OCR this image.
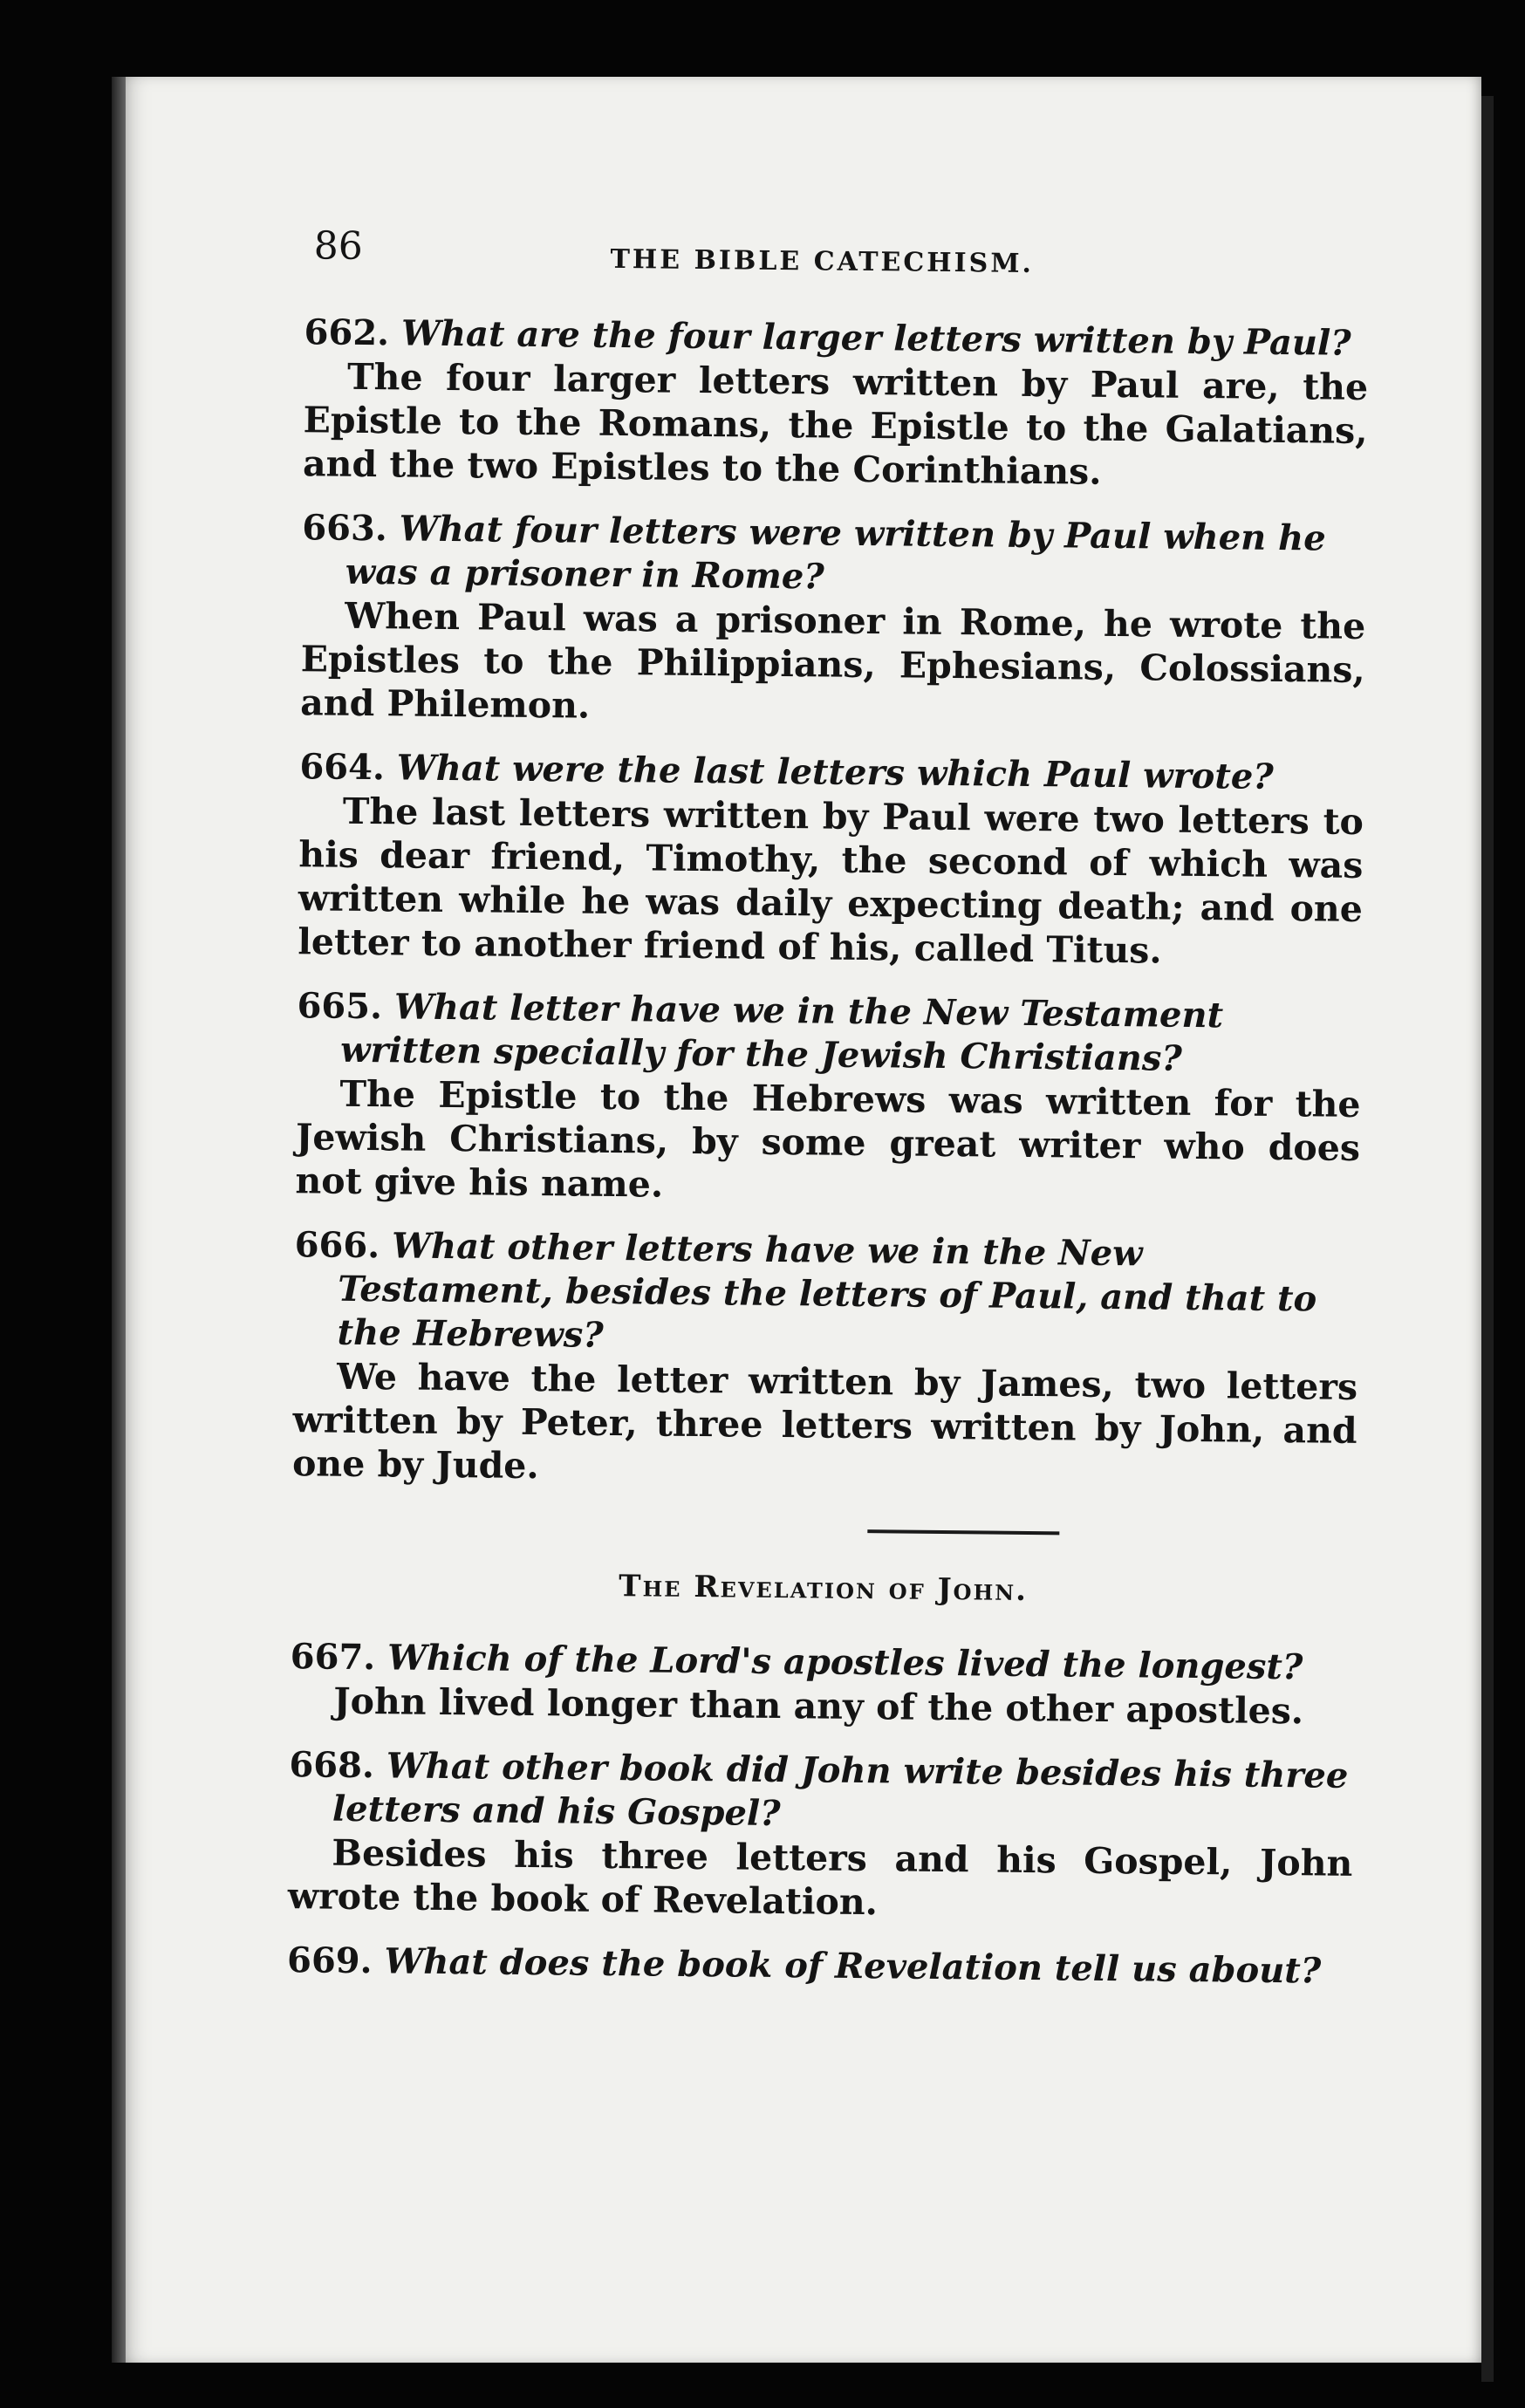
86	THE BIBLE CATECHISM.
662. What are the four larger letters written by Paul?
The four larger letters written by Paul are, the Epistle to the Romans, the Epistle to the Galatians, and the two Epistles to the Corinthians.
663. What four letters were written by Paul when he was a prisoner in Rome?
When Paul was a prisoner in Rome, he wrote the Epistles to the Philippians, Ephesians, Colossians, and Philemon.
664. What were the last letters which Paul wrote?
The last letters written by Paul were two letters to his dear friend, Timothy, the second of which was written while he was daily expecting death; and one letter to another friend of his, called Titus.
665. What letter have we in the New Testament written specially for the Jewish Christians?
The Epistle to the Hebrews was written for the Jewish Christians, by some great writer who does not give his name.
666. What other letters have we in the New Testament, besides the letters of Paul, and that to the Hebrews?
We have the letter written by James, two letters written by Peter, three letters written by John, and one by Jude.
The Revelation of John.
667. Which of the Lord's apostles lived the longest?
John lived longer than any of the other apostles.
668. What other book did John write besides his three letters and his Gospel?
Besides his three letters and his Gospel, John wrote the book of Revelation.
669. What does the book of Revelation tell us about?
